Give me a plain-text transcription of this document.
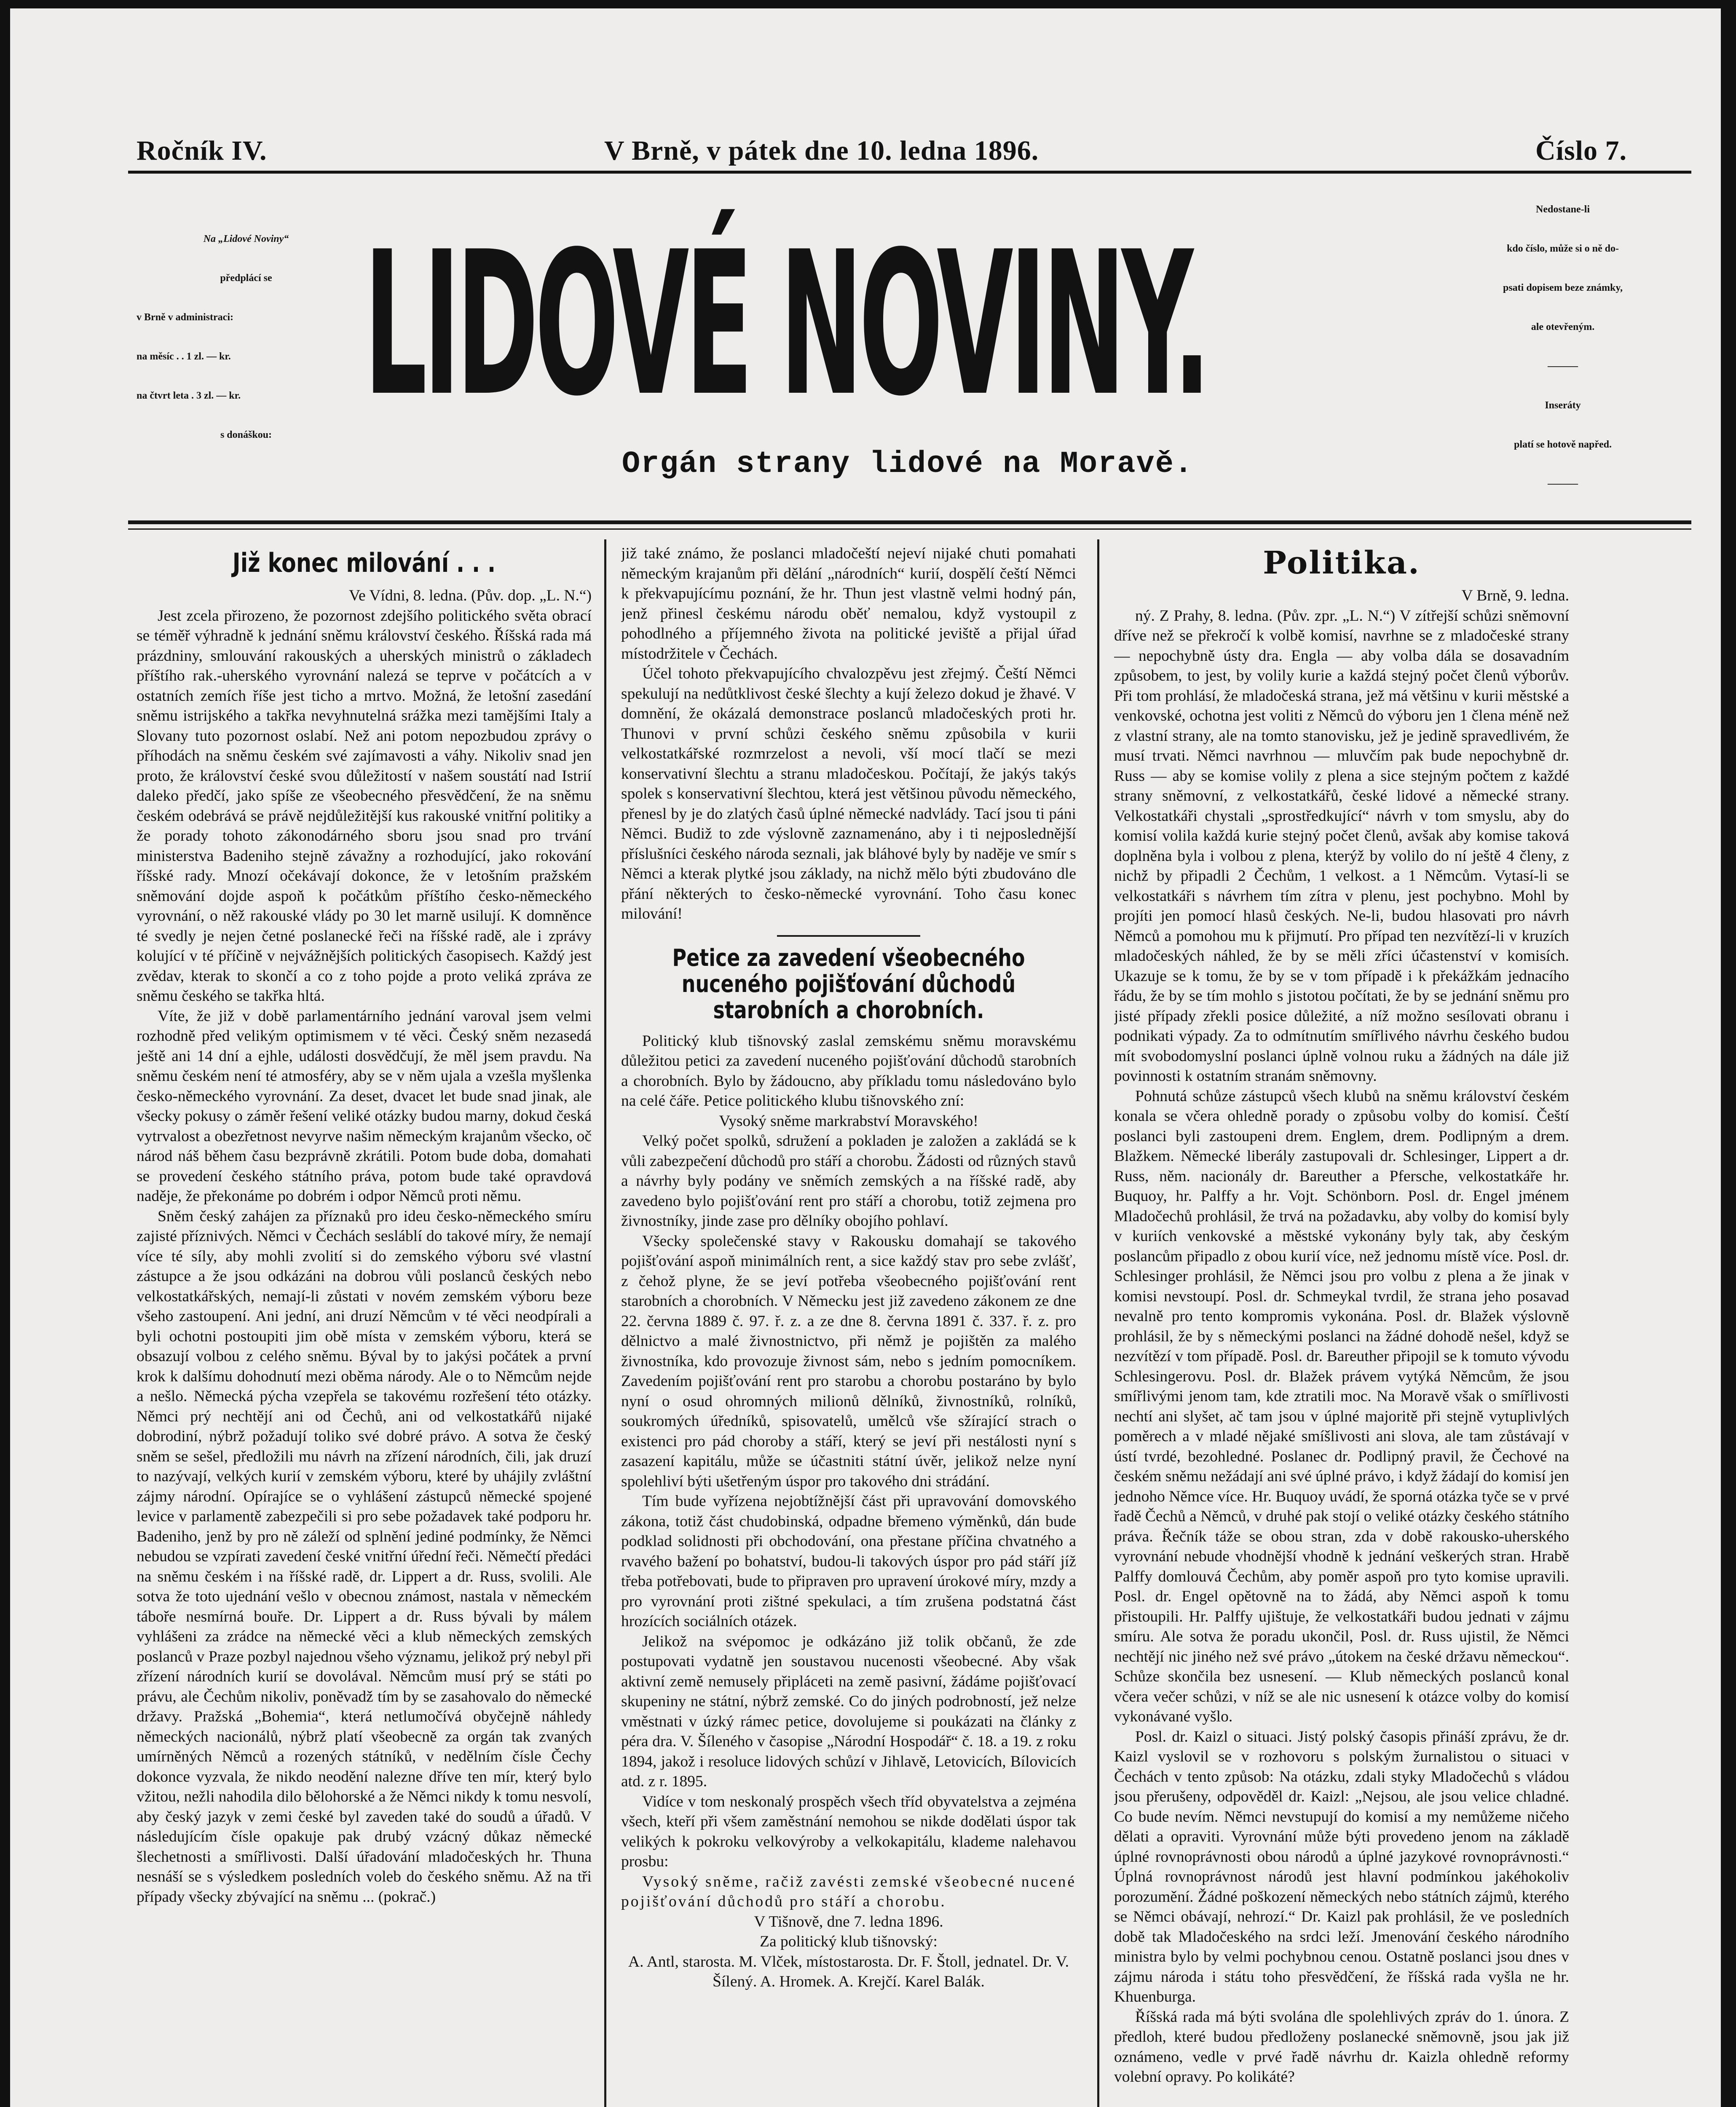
Ročník IV.	V Brně, v pátek dne 10. ledna 1896.	Číslo 7.

Na „Lidové Noviny“

předplácí se

v Brně v administraci:

na měsíc . . 1 zl. — kr.

na čtvrt leta . 3 zl. — kr.

s donáškou:

LIDOVÉ NOVINY.
Orgán strany lidové na Moravě.

Nedostane-li

kdo číslo, může si o ně do-

psati dopisem beze známky,

ale otevřeným.

———

Inseráty

platí se hotově napřed.

———

Již konec milování . . .

Ve Vídni, 8. ledna. (Pův. dop. „L. N.“)

Jest zcela přirozeno, že pozornost zdejšího politického světa obrací se téměř výhradně k jednání sněmu království českého. Říšská rada má prázdniny, smlouvání rakouských a uherských ministrů o základech příštího rak.-uherského vyrovnání nalezá se teprve v počátcích a v ostatních zemích říše jest ticho a mrtvo. Možná, že letošní zasedání sněmu istrijského a takřka nevyhnutelná srážka mezi tamějšími Italy a Slovany tuto pozornost oslabí. Než ani potom nepozbudou zprávy o příhodách na sněmu českém své zajímavosti a váhy. Nikoliv snad jen proto, že království české svou důležitostí v našem soustátí nad Istrií daleko předčí, jako spíše ze všeobecného přesvědčení, že na sněmu českém odebrává se právě nejdůležitější kus rakouské vnitřní politiky a že porady tohoto zákonodárného sboru jsou snad pro trvání ministerstva Badeniho stejně závažny a rozhodující, jako rokování říšské rady. Mnozí očekávají dokonce, že v letošním pražském sněmování dojde aspoň k počátkům příštího česko-německého vyrovnání, o něž rakouské vlády po 30 let marně usilují. K domněnce té svedly je nejen četné poslanecké řeči na říšské radě, ale i zprávy kolující v té příčině v nejvážnějších politických časopisech. Každý jest zvědav, kterak to skončí a co z toho pojde a proto veliká zpráva ze sněmu českého se takřka hltá.

Víte, že již v době parlamentárního jednání varoval jsem velmi rozhodně před velikým optimismem v té věci. Český sněm nezasedá ještě ani 14 dní a ejhle, události dosvědčují, že měl jsem pravdu. Na sněmu českém není té atmosféry, aby se v něm ujala a vzešla myšlenka česko-německého vyrovnání. Za deset, dvacet let bude snad jinak, ale všecky pokusy o záměr řešení veliké otázky budou marny, dokud česká vytrvalost a obezřetnost nevyrve našim německým krajanům všecko, oč národ náš během času bezprávně zkrátili. Potom bude doba, domahati se provedení českého státního práva, potom bude také opravdová naděje, že překonáme po dobrém i odpor Němců proti němu.

Sněm český zahájen za příznaků pro ideu česko-německého smíru zajisté příznivých. Němci v Čechách sesláblí do takové míry, že nemají více té síly, aby mohli zvolití si do zemského výboru své vlastní zástupce a že jsou odkázáni na dobrou vůli poslanců českých nebo velkostatkářských, nemají-li zůstati v novém zemském výboru beze všeho zastoupení. Ani jední, ani druzí Němcům v té věci neodpírali a byli ochotni postoupiti jim obě místa v zemském výboru, která se obsazují volbou z celého sněmu. Býval by to jakýsi počátek a první krok k dalšímu dohodnutí mezi oběma národy. Ale o to Němcům nejde a nešlo. Německá pýcha vzepřela se takovému rozřešení této otázky. Němci prý nechtějí ani od Čechů, ani od velkostatkářů nijaké dobrodiní, nýbrž požadují toliko své dobré právo. A sotva že český sněm se sešel, předložili mu návrh na zřízení národních, čili, jak druzí to nazývají, velkých kurií v zemském výboru, které by uhájily zvláštní zájmy národní. Opírajíce se o vyhlášení zástupců německé spojené levice v parlamentě zabezpečili si pro sebe požadavek také podporu hr. Badeniho, jenž by pro ně záleží od splnění jediné podmínky, že Němci nebudou se vzpírati zavedení české vnitřní úřední řeči. Němečtí předáci na sněmu českém i na říšské radě, dr. Lippert a dr. Russ, svolili. Ale sotva že toto ujednání vešlo v obecnou známost, nastala v německém táboře nesmírná bouře. Dr. Lippert a dr. Russ bývali by málem vyhlášeni za zrádce na německé věci a klub německých zemských poslanců v Praze pozbyl najednou všeho významu, jelikož prý nebyl při zřízení národních kurií se dovolával. Němcům musí prý se státi po právu, ale Čechům nikoliv, poněvadž tím by se zasahovalo do německé državy. Pražská „Bohemia“, která netlumočívá obyčejně náhledy německých nacionálů, nýbrž platí všeobecně za orgán tak zvaných umírněných Němců a rozených státníků, v nedělním čísle Čechy dokonce vyzvala, že nikdo neodění nalezne dříve ten mír, který bylo vžitou, nežli nahodila dilo bělohorské a že Němci nikdy k tomu nesvolí, aby český jazyk v zemi české byl zaveden také do soudů a úřadů. V následujícím čísle opakuje pak drubý vzácný důkaz německé šlechetnosti a smířlivosti. Další úřadování mladočeských hr. Thuna nesnáší se s výsledkem posledních voleb do českého sněmu. Až na tři případy všecky zbývající na sněmu ... (pokrač.)

již také známo, že poslanci mladočeští nejeví nijaké chuti pomahati německým krajanům při dělání „národních“ kurií, dospělí čeští Němci k překvapujícímu poznání, že hr. Thun jest vlastně velmi hodný pán, jenž přinesl českému národu oběť nemalou, když vystoupil z pohodlného a příjemného života na politické jeviště a přijal úřad místodržitele v Čechách.

Účel tohoto překvapujícího chvalozpěvu jest zřejmý. Čeští Němci spekulují na nedůtklivost české šlechty a kují železo dokud je žhavé. V domnění, že okázalá demonstrace poslanců mladočeských proti hr. Thunovi v první schůzi českého sněmu způsobila v kurii velkostatkářské rozmrzelost a nevoli, vší mocí tlačí se mezi konservativní šlechtu a stranu mladočeskou. Počítají, že jakýs takýs spolek s konservativní šlechtou, která jest většinou původu německého, přenesl by je do zlatých časů úplné německé nadvlády. Tací jsou ti páni Němci. Budiž to zde výslovně zaznamenáno, aby i ti nejposlednější příslušníci českého národa seznali, jak bláhové byly by naděje ve smír s Němci a kterak plytké jsou základy, na nichž mělo býti zbudováno dle přání některých to česko-německé vyrovnání. Toho času konec milování!

Petice za zavedení všeobecného nuceného pojišťování důchodů starobních a chorobních.

Politický klub tišnovský zaslal zemskému sněmu moravskému důležitou petici za zavedení nuceného pojišťování důchodů starobních a chorobních. Bylo by žádoucno, aby příkladu tomu následováno bylo na celé čáře. Petice politického klubu tišnovského zní:

Vysoký sněme markrabství Moravského!

Velký počet spolků, sdružení a pokladen je založen a zakládá se k vůli zabezpečení důchodů pro stáří a chorobu. Žádosti od různých stavů a návrhy byly podány ve sněmích zemských a na říšské radě, aby zavedeno bylo pojišťování rent pro stáří a chorobu, totiž zejmena pro živnostníky, jinde zase pro dělníky obojího pohlaví.

Všecky společenské stavy v Rakousku domahají se takového pojišťování aspoň minimálních rent, a sice každý stav pro sebe zvlášť, z čehož plyne, že se jeví potřeba všeobecného pojišťování rent starobních a chorobních. V Německu jest již zavedeno zákonem ze dne 22. června 1889 č. 97. ř. z. a ze dne 8. června 1891 č. 337. ř. z. pro dělnictvo a malé živnostnictvo, při němž je pojištěn za malého živnostníka, kdo provozuje živnost sám, nebo s jedním pomocníkem. Zavedením pojišťování rent pro starobu a chorobu postaráno by bylo nyní o osud ohromných milionů dělníků, živnostníků, rolníků, soukromých úředníků, spisovatelů, umělců vše sžírající strach o existenci pro pád choroby a stáří, který se jeví při nestálosti nyní s zasazení kapitálu, může se účastniti státní úvěr, jelikož nelze nyní spolehliví býti ušetřeným úspor pro takového dni strádání.

Tím bude vyřízena nejobtížnější část při upravování domovského zákona, totiž část chudobinská, odpadne břemeno výměnků, dán bude podklad solidnosti při obchodování, ona přestane příčina chvatného a rvavého bažení po bohatství, budou-li takových úspor pro pád stáří jíž třeba potřebovati, bude to připraven pro upravení úrokové míry, mzdy a pro vyrovnání proti zištné spekulaci, a tím zrušena podstatná část hrozících sociálních otázek.

Jelikož na svépomoc je odkázáno již tolik občanů, že zde postupovati vydatně jen soustavou nucenosti všeobecné. Aby však aktivní země nemusely připláceti na země pasivní, žádáme pojišťovací skupeniny ne státní, nýbrž zemské. Co do jiných podrobností, jež nelze vměstnati v úzký rámec petice, dovolujeme si poukázati na články z péra dra. V. Šíleného v časopise „Národní Hospodář“ č. 18. a 19. z roku 1894, jakož i resoluce lidových schůzí v Jihlavě, Letovicích, Bílovicích atd. z r. 1895.

Vidíce v tom neskonalý prospěch všech tříd obyvatelstva a zejména všech, kteří při všem zaměstnání nemohou se nikde dodělati úspor tak velikých k pokroku velkovýroby a velkokapitálu, klademe nalehavou prosbu:

Vysoký sněme, račiž zavésti zemské všeobecné nucené pojišťování důchodů pro stáří a chorobu.

V Tišnově, dne 7. ledna 1896.

Za politický klub tišnovský:

A. Antl, starosta. M. Vlček, místostarosta. Dr. F. Štoll, jednatel. Dr. V. Šílený. A. Hromek. A. Krejčí. Karel Balák.

Politika.

V Brně, 9. ledna.

ný. Z Prahy, 8. ledna. (Pův. zpr. „L. N.“) V zítřejší schůzi sněmovní dříve než se překročí k volbě komisí, navrhne se z mladočeské strany — nepochybně ústy dra. Engla — aby volba dála se dosavadním způsobem, to jest, by volily kurie a každá stejný počet členů výborův. Při tom prohlásí, že mladočeská strana, jež má většinu v kurii městské a venkovské, ochotna jest voliti z Němců do výboru jen 1 člena méně než z vlastní strany, ale na tomto stanovisku, jež je jedině spravedlivém, že musí trvati. Němci navrhnou — mluvčím pak bude nepochybně dr. Russ — aby se komise volily z plena a sice stejným počtem z každé strany sněmovní, z velkostatkářů, české lidové a německé strany. Velkostatkáři chystali „sprostředkující“ návrh v tom smyslu, aby do komisí volila každá kurie stejný počet členů, avšak aby komise taková doplněna byla i volbou z plena, kterýž by volilo do ní ještě 4 členy, z nichž by připadli 2 Čechům, 1 velkost. a 1 Němcům. Vytasí-li se velkostatkáři s návrhem tím zítra v plenu, jest pochybno. Mohl by projíti jen pomocí hlasů českých. Ne-li, budou hlasovati pro návrh Němců a pomohou mu k přijmutí. Pro případ ten nezvítězí-li v kruzích mladočeských náhled, že by se měli zříci účastenství v komisích. Ukazuje se k tomu, že by se v tom případě i k překážkám jednacího řádu, že by se tím mohlo s jistotou počítati, že by se jednání sněmu pro jisté případy zřekli posice důležité, a níž možno sesílovati obranu i podnikati výpady. Za to odmítnutím smířlivého návrhu českého budou mít svobodomyslní poslanci úplně volnou ruku a žádných na dále již povinnosti k ostatním stranám sněmovny.

Pohnutá schůze zástupců všech klubů na sněmu království českém konala se včera ohledně porady o způsobu volby do komisí. Čeští poslanci byli zastoupeni drem. Englem, drem. Podlipným a drem. Blažkem. Německé liberály zastupovali dr. Schlesinger, Lippert a dr. Russ, něm. nacionály dr. Bareuther a Pfersche, velkostatkáře hr. Buquoy, hr. Palffy a hr. Vojt. Schönborn. Posl. dr. Engel jménem Mladočechů prohlásil, že trvá na požadavku, aby volby do komisí byly v kuriích venkovské a městské vykonány byly tak, aby českým poslancům připadlo z obou kurií více, než jednomu místě více. Posl. dr. Schlesinger prohlásil, že Němci jsou pro volbu z plena a že jinak v komisi nevstoupí. Posl. dr. Schmeykal tvrdil, že strana jeho posavad nevalně pro tento kompromis vykonána. Posl. dr. Blažek výslovně prohlásil, že by s německými poslanci na žádné dohodě nešel, když se nezvítězí v tom případě. Posl. dr. Bareuther připojil se k tomuto vývodu Schlesingerovu. Posl. dr. Blažek právem vytýká Němcům, že jsou smířlivými jenom tam, kde ztratili moc. Na Moravě však o smířlivosti nechtí ani slyšet, ač tam jsou v úplné majoritě při stejně vytuplivlých poměrech a v mladé nějaké smíšlivosti ani slova, ale tam zůstávají v ústí tvrdé, bezohledné. Poslanec dr. Podlipný pravil, že Čechové na českém sněmu nežádají ani své úplné právo, i když žádají do komisí jen jednoho Němce více. Hr. Buquoy uvádí, že sporná otázka tyče se v prvé řadě Čechů a Němců, v druhé pak stojí o veliké otázky českého státního práva. Řečník táže se obou stran, zda v době rakousko-uherského vyrovnání nebude vhodnější vhodně k jednání veškerých stran. Hrabě Palffy domlouvá Čechům, aby poměr aspoň pro tyto komise upravili. Posl. dr. Engel opětovně na to žádá, aby Němci aspoň k tomu přistoupili. Hr. Palffy ujištuje, že velkostatkáři budou jednati v zájmu smíru. Ale sotva že poradu ukončil, Posl. dr. Russ ujistil, že Němci nechtějí nic jiného než své právo „útokem na české državu německou“. Schůze skončila bez usnesení. — Klub německých poslanců konal včera večer schůzi, v níž se ale nic usnesení k otázce volby do komisí vykonávané vyšlo.

Posl. dr. Kaizl o situaci. Jistý polský časopis přináší zprávu, že dr. Kaizl vyslovil se v rozhovoru s polským žurnalistou o situaci v Čechách v tento způsob: Na otázku, zdali styky Mladočechů s vládou jsou přerušeny, odpověděl dr. Kaizl: „Nejsou, ale jsou velice chladné. Co bude nevím. Němci nevstupují do komisí a my nemůžeme ničeho dělati a opraviti. Vyrovnání může býti provedeno jenom na základě úplné rovnoprávnosti obou národů a úplné jazykové rovnoprávnosti.“ Úplná rovnoprávnost národů jest hlavní podmínkou jakéhokoliv porozumění. Žádné poškození německých nebo státních zájmů, kterého se Němci obávají, nehrozí.“ Dr. Kaizl pak prohlásil, že ve posledních době tak Mladočeského na srdci leží. Jmenování českého národního ministra bylo by velmi pochybnou cenou. Ostatně poslanci jsou dnes v zájmu národa i státu toho přesvědčení, že říšská rada vyšla ne hr. Khuenburga.

Říšská rada má býti svolána dle spolehlivých zpráv do 1. února. Z předloh, které budou předloženy poslanecké sněmovně, jsou jak již oznámeno, vedle v prvé řadě návrhu dr. Kaizla ohledně reformy volební opravy. Po kolikáté?
